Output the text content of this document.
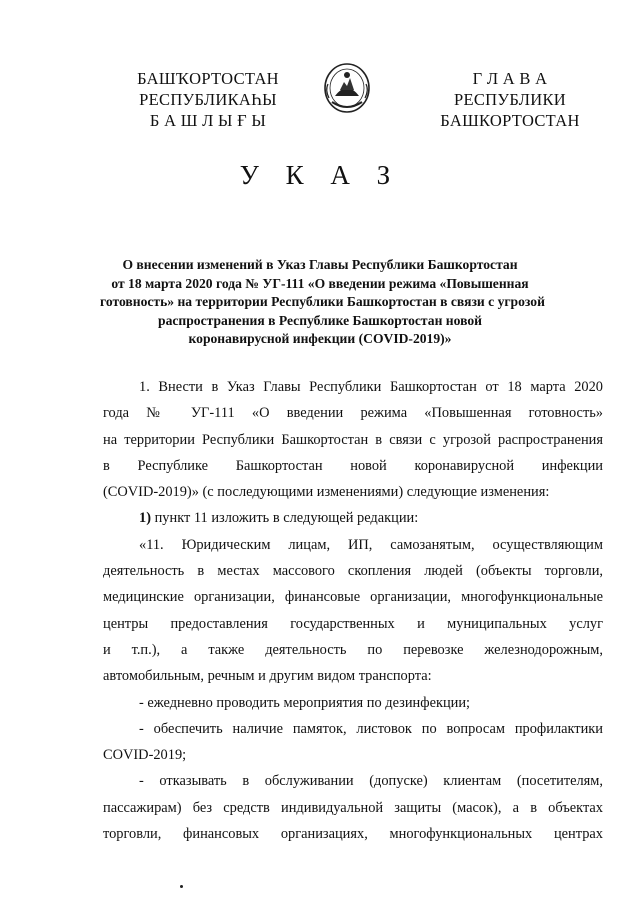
БАШҠОРТОСТАН
РЕСПУБЛИКАҺЫ
Б А Ш Л Ы Ғ Ы
Г Л А В А
РЕСПУБЛИКИ
БАШКОРТОСТАН
У К А З
О внесении изменений в Указ Главы Республики Башкортостан
от 18 марта 2020 года № УГ-111 «О введении режима «Повышенная
готовность» на территории Республики Башкортостан в связи с угрозой
распространения в Республике Башкортостан новой
коронавирусной инфекции (COVID-2019)»
1. Внести в Указ Главы Республики Башкортостан от 18 марта 2020
года № УГ-111 «О введении режима «Повышенная готовность»
на территории Республики Башкортостан в связи с угрозой распространения
в Республике Башкортостан новой коронавирусной инфекции
(COVID-2019)» (с последующими изменениями) следующие изменения:
1) пункт 11 изложить в следующей редакции:
«11. Юридическим лицам, ИП, самозанятым, осуществляющим
деятельность в местах массового скопления людей (объекты торговли,
медицинские организации, финансовые организации, многофункциональные
центры предоставления государственных и муниципальных услуг
и т.п.), а также деятельность по перевозке железнодорожным,
автомобильным, речным и другим видом транспорта:
- ежедневно проводить мероприятия по дезинфекции;
- обеспечить наличие памяток, листовок по вопросам профилактики
COVID-2019;
- отказывать в обслуживании (допуске) клиентам (посетителям,
пассажирам) без средств индивидуальной защиты (масок), а в объектах
торговли, финансовых организациях, многофункциональных центрах
